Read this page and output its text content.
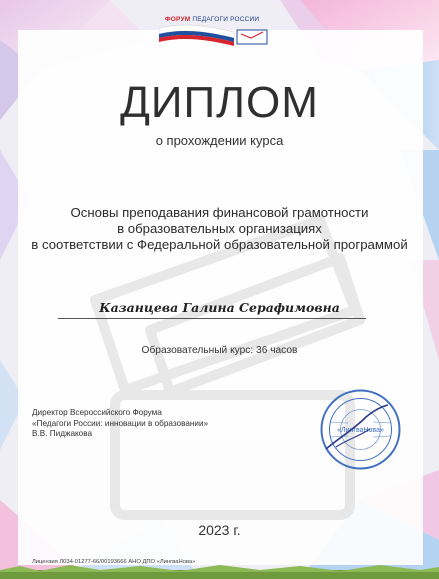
ФОРУМ ПЕДАГОГИ РОССИИ
ДИПЛОМ
о прохождении курса
Основы преподавания финансовой грамотности
в образовательных организациях
в соответствии с Федеральной образовательной программой
Казанцева Галина Серафимовна
Образовательный курс: 36 часов
Директор Всероссийского Форума
«Педагоги России: инновации в образовании»
В.В. Пиджакова	«ЛингваНова»
2023 г.
Лицензия Л034-01277-66/00193666 АНО ДПО «ЛингваНова»
